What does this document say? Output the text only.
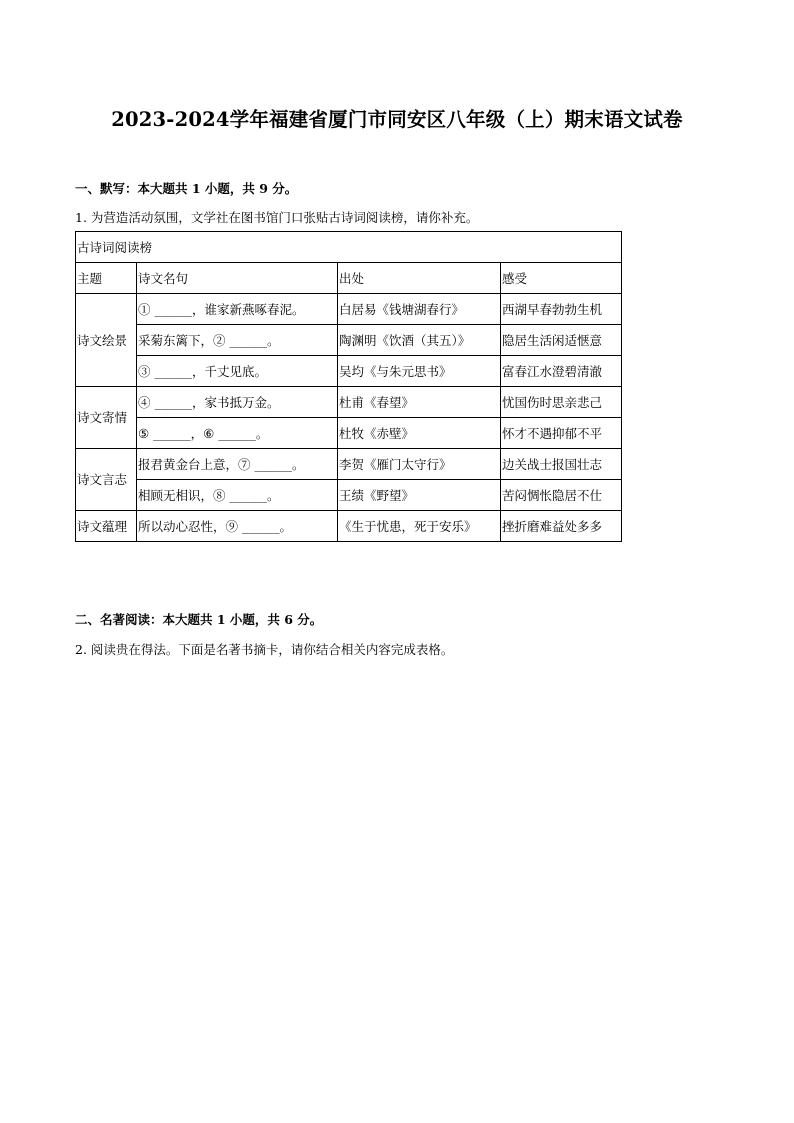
2023-2024学年福建省厦门市同安区八年级（上）期末语文试卷
一、默写：本大题共 1 小题，共 9 分。
1. 为营造活动氛围，文学社在图书馆门口张贴古诗词阅读榜，请你补充。
古诗词阅读榜			
主题	诗文名句	出处	感受
诗文绘景	① ______，谁家新燕啄春泥。	白居易《钱塘湖春行》	西湖早春勃勃生机
	采菊东篱下，② ______。	陶渊明《饮酒（其五）》	隐居生活闲适惬意
	③ ______，千丈见底。	吴均《与朱元思书》	富春江水澄碧清澈
诗文寄情	④ ______，家书抵万金。	杜甫《春望》	忧国伤时思亲悲己
	⑤ ______，⑥ ______。	杜牧《赤壁》	怀才不遇抑郁不平
诗文言志	报君黄金台上意，⑦ ______。	李贺《雁门太守行》	边关战士报国壮志
	相顾无相识，⑧ ______。	王绩《野望》	苦闷惆怅隐居不仕
诗文蕴理	所以动心忍性，⑨ ______。	《生于忧患，死于安乐》	挫折磨难益处多多
二、名著阅读：本大题共 1 小题，共 6 分。
2. 阅读贵在得法。下面是名著书摘卡，请你结合相关内容完成表格。
